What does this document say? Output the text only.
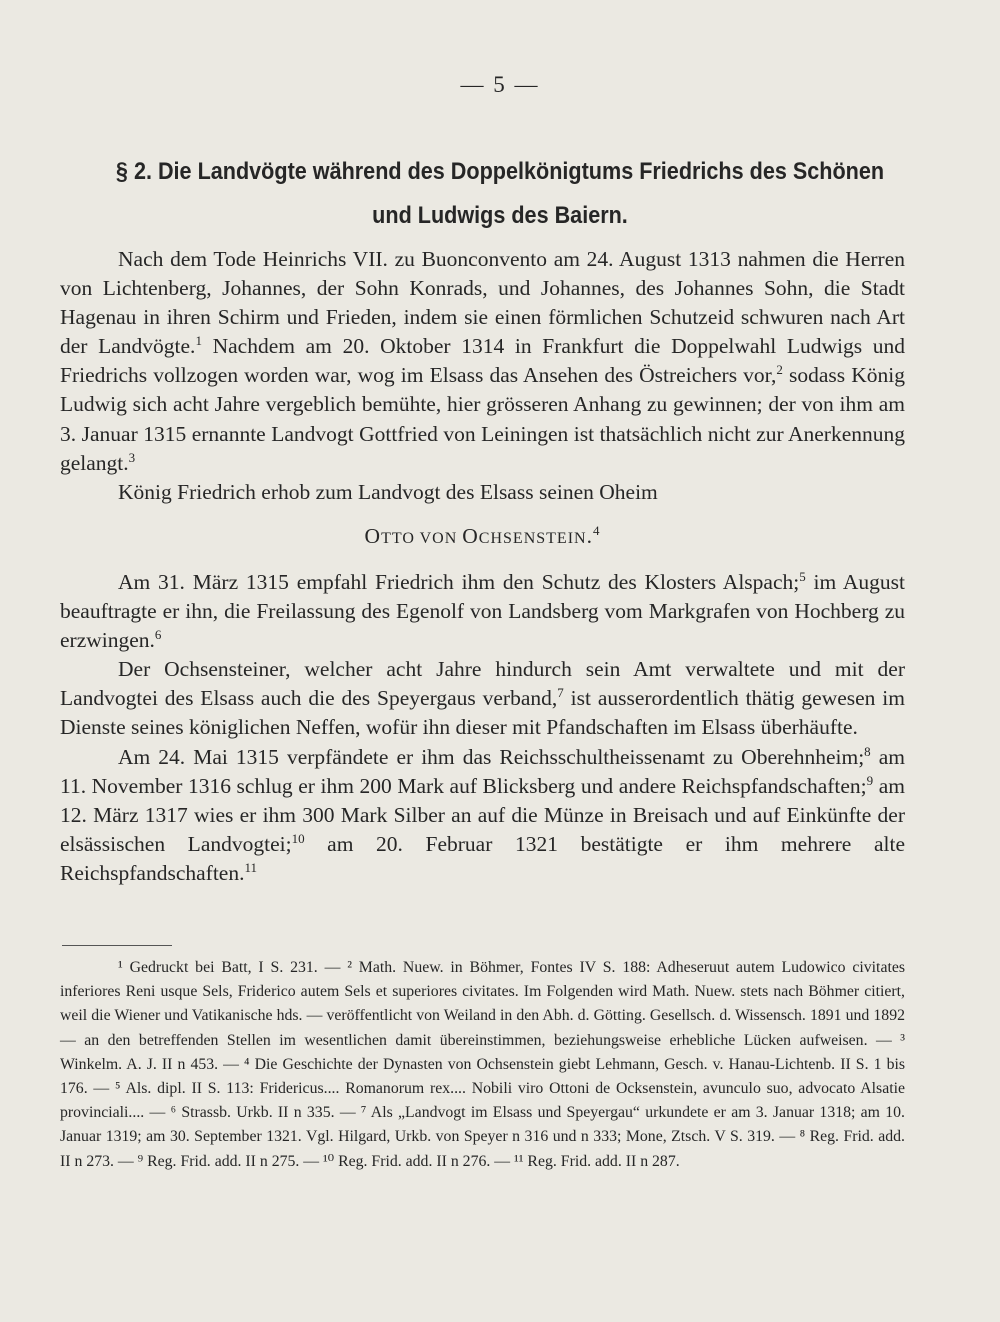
— 5 —

§ 2. Die Landvögte während des Doppelkönigtums Friedrichs des Schönen
und Ludwigs des Baiern.

Nach dem Tode Heinrichs VII. zu Buonconvento am 24. August 1313 nahmen die Herren von Lichtenberg, Johannes, der Sohn Konrads, und Johannes, des Johannes Sohn, die Stadt Hagenau in ihren Schirm und Frieden, indem sie einen förmlichen Schutzeid schwuren nach Art der Landvögte.$^1$ Nachdem am 20. Oktober 1314 in Frankfurt die Doppelwahl Ludwigs und Friedrichs vollzogen worden war, wog im Elsass das Ansehen des Östreichers vor,$^2$ sodass König Ludwig sich acht Jahre vergeblich bemühte, hier grösseren Anhang zu gewinnen; der von ihm am 3. Januar 1315 ernannte Landvogt Gottfried von Leiningen ist thatsächlich nicht zur Anerkennung gelangt.$^3$

König Friedrich erhob zum Landvogt des Elsass seinen Oheim

OTTO VON OCHSENSTEIN.$^4$

Am 31. März 1315 empfahl Friedrich ihm den Schutz des Klosters Alspach;$^5$ im August beauftragte er ihn, die Freilassung des Egenolf von Landsberg vom Markgrafen von Hochberg zu erzwingen.$^6$

Der Ochsensteiner, welcher acht Jahre hindurch sein Amt verwaltete und mit der Landvogtei des Elsass auch die des Speyergaus verband,$^7$ ist ausserordentlich thätig gewesen im Dienste seines königlichen Neffen, wofür ihn dieser mit Pfandschaften im Elsass überhäufte.

Am 24. Mai 1315 verpfändete er ihm das Reichsschultheissenamt zu Oberehnheim;$^8$ am 11. November 1316 schlug er ihm 200 Mark auf Blicksberg und andere Reichspfandschaften;$^9$ am 12. März 1317 wies er ihm 300 Mark Silber an auf die Münze in Breisach und auf Einkünfte der elsässischen Landvogtei;$^{10}$ am 20. Februar 1321 bestätigte er ihm mehrere alte Reichspfandschaften.$^{11}$

¹ Gedruckt bei Batt, I S. 231. — ² Math. Nuew. in Böhmer, Fontes IV S. 188: Adheseruut autem Ludowico civitates inferiores Reni usque Sels, Friderico autem Sels et superiores civitates. Im Folgenden wird Math. Nuew. stets nach Böhmer citiert, weil die Wiener und Vatikanische hds. — veröffentlicht von Weiland in den Abh. d. Götting. Gesellsch. d. Wissensch. 1891 und 1892 — an den betreffenden Stellen im wesentlichen damit übereinstimmen, beziehungsweise erhebliche Lücken aufweisen. — ³ Winkelm. A. J. II n 453. — ⁴ Die Geschichte der Dynasten von Ochsenstein giebt Lehmann, Gesch. v. Hanau-Lichtenb. II S. 1 bis 176. — ⁵ Als. dipl. II S. 113: Fridericus.... Romanorum rex.... Nobili viro Ottoni de Ocksenstein, avunculo suo, advocato Alsatie provinciali.... — ⁶ Strassb. Urkb. II n 335. — ⁷ Als „Landvogt im Elsass und Speyergau“ urkundete er am 3. Januar 1318; am 10. Januar 1319; am 30. September 1321. Vgl. Hilgard, Urkb. von Speyer n 316 und n 333; Mone, Ztsch. V S. 319. — ⁸ Reg. Frid. add. II n 273. — ⁹ Reg. Frid. add. II n 275. — ¹⁰ Reg. Frid. add. II n 276. — ¹¹ Reg. Frid. add. II n 287.
